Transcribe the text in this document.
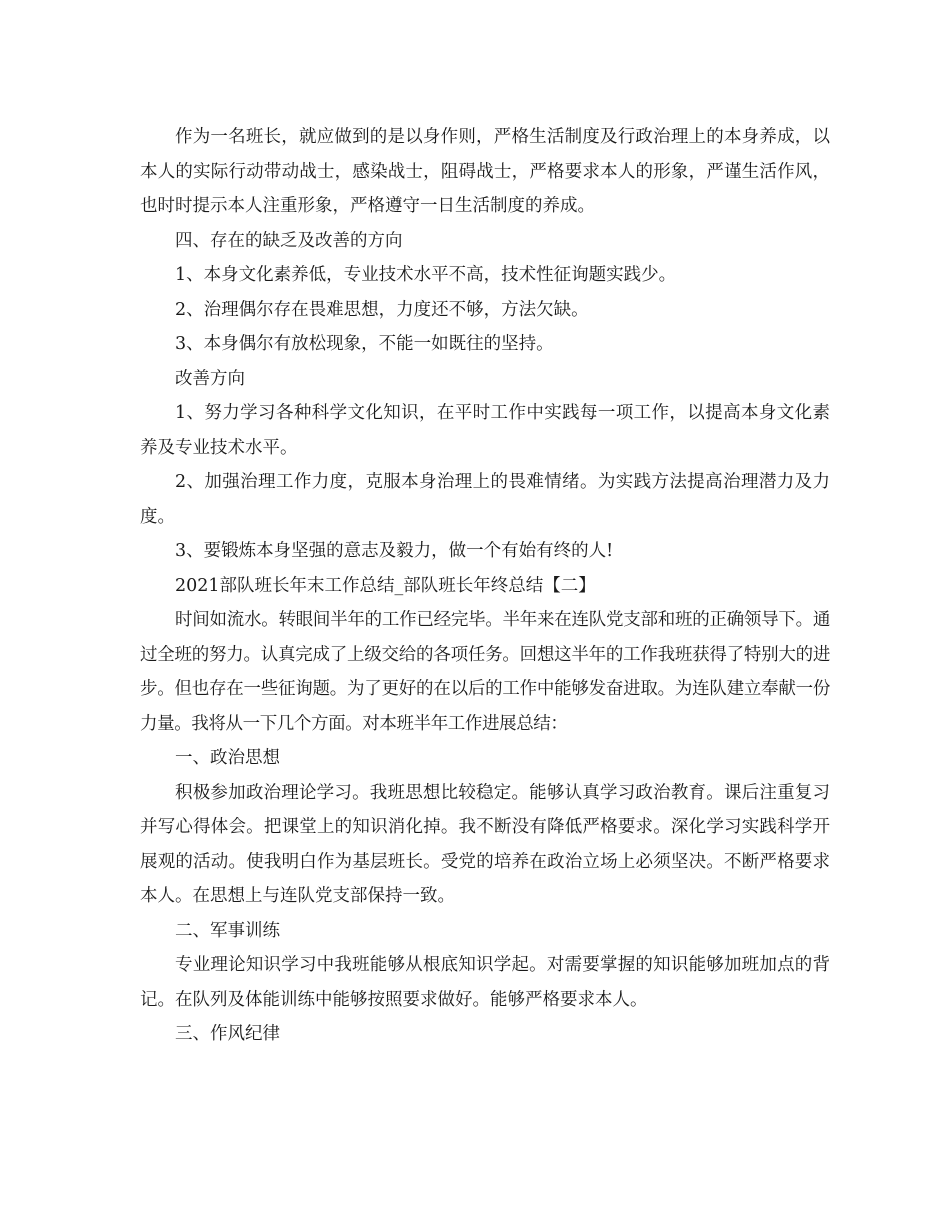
作为一名班长，就应做到的是以身作则，严格生活制度及行政治理上的本身养成，以本人的实际行动带动战士，感染战士，阻碍战士，严格要求本人的形象，严谨生活作风，也时时提示本人注重形象，严格遵守一日生活制度的养成。

四、存在的缺乏及改善的方向

1、本身文化素养低，专业技术水平不高，技术性征询题实践少。

2、治理偶尔存在畏难思想，力度还不够，方法欠缺。

3、本身偶尔有放松现象，不能一如既往的坚持。

改善方向

1、努力学习各种科学文化知识，在平时工作中实践每一项工作，以提高本身文化素养及专业技术水平。

2、加强治理工作力度，克服本身治理上的畏难情绪。为实践方法提高治理潜力及力度。

3、要锻炼本身坚强的意志及毅力，做一个有始有终的人!

2021部队班长年末工作总结_部队班长年终总结【二】

时间如流水。转眼间半年的工作已经完毕。半年来在连队党支部和班的正确领导下。通过全班的努力。认真完成了上级交给的各项任务。回想这半年的工作我班获得了特别大的进步。但也存在一些征询题。为了更好的在以后的工作中能够发奋进取。为连队建立奉献一份力量。我将从一下几个方面。对本班半年工作进展总结：

一、政治思想

积极参加政治理论学习。我班思想比较稳定。能够认真学习政治教育。课后注重复习并写心得体会。把课堂上的知识消化掉。我不断没有降低严格要求。深化学习实践科学开展观的活动。使我明白作为基层班长。受党的培养在政治立场上必须坚决。不断严格要求本人。在思想上与连队党支部保持一致。

二、军事训练

专业理论知识学习中我班能够从根底知识学起。对需要掌握的知识能够加班加点的背记。在队列及体能训练中能够按照要求做好。能够严格要求本人。

三、作风纪律
